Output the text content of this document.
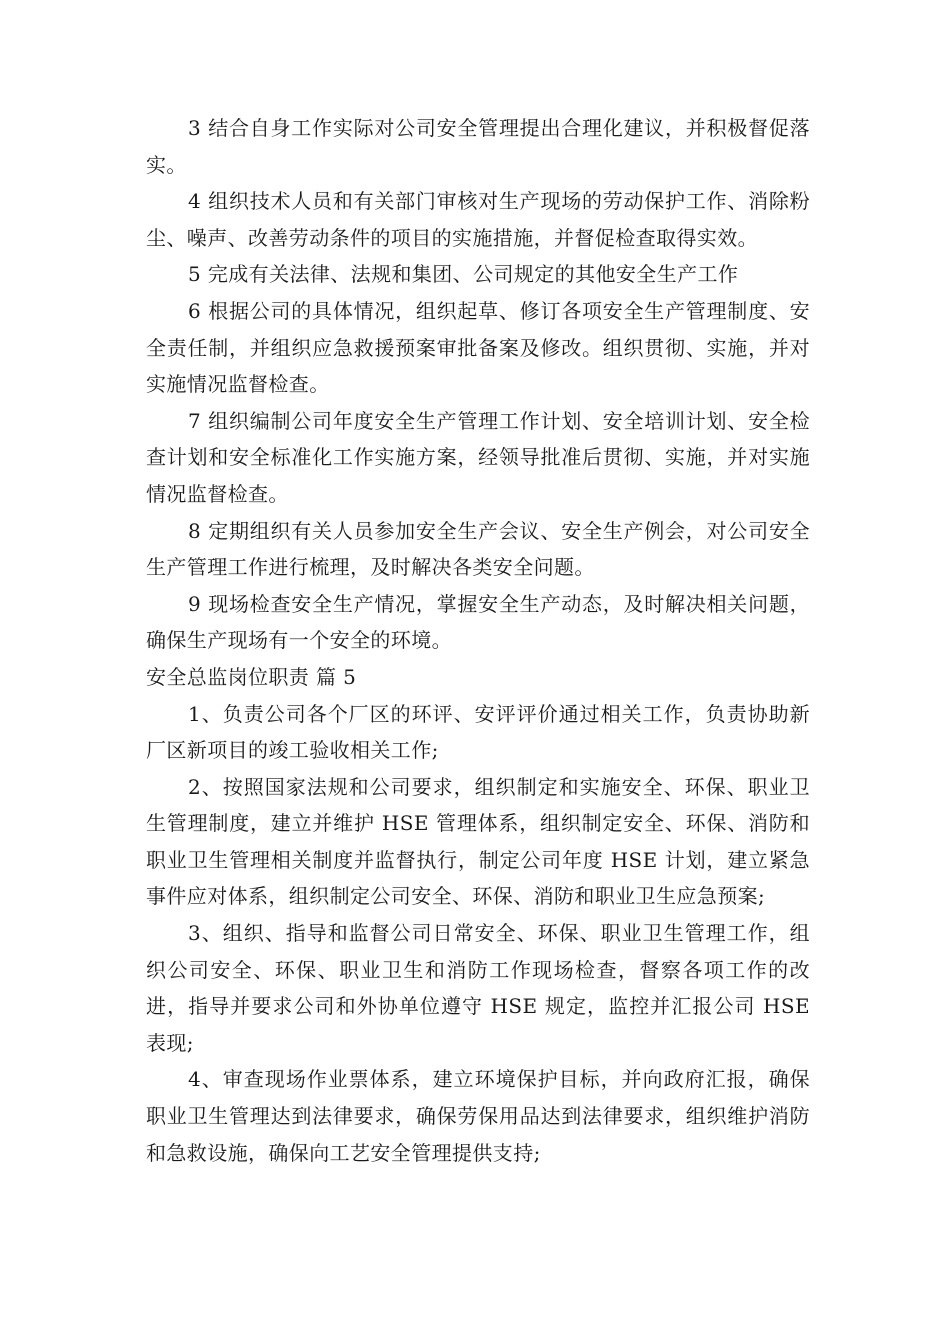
3 结合自身工作实际对公司安全管理提出合理化建议，并积极督促落实。

4 组织技术人员和有关部门审核对生产现场的劳动保护工作、消除粉尘、噪声、改善劳动条件的项目的实施措施，并督促检查取得实效。

5 完成有关法律、法规和集团、公司规定的其他安全生产工作

6 根据公司的具体情况，组织起草、修订各项安全生产管理制度、安全责任制，并组织应急救援预案审批备案及修改。组织贯彻、实施，并对实施情况监督检查。

7 组织编制公司年度安全生产管理工作计划、安全培训计划、安全检查计划和安全标准化工作实施方案，经领导批准后贯彻、实施，并对实施情况监督检查。

8 定期组织有关人员参加安全生产会议、安全生产例会，对公司安全生产管理工作进行梳理，及时解决各类安全问题。

9 现场检查安全生产情况，掌握安全生产动态，及时解决相关问题，确保生产现场有一个安全的环境。

安全总监岗位职责 篇 5

1、负责公司各个厂区的环评、安评评价通过相关工作，负责协助新厂区新项目的竣工验收相关工作;

2、按照国家法规和公司要求，组织制定和实施安全、环保、职业卫生管理制度，建立并维护 HSE 管理体系，组织制定安全、环保、消防和职业卫生管理相关制度并监督执行，制定公司年度 HSE 计划，建立紧急事件应对体系，组织制定公司安全、环保、消防和职业卫生应急预案;

3、组织、指导和监督公司日常安全、环保、职业卫生管理工作，组织公司安全、环保、职业卫生和消防工作现场检查，督察各项工作的改进，指导并要求公司和外协单位遵守 HSE 规定，监控并汇报公司 HSE 表现;

4、审查现场作业票体系，建立环境保护目标，并向政府汇报，确保职业卫生管理达到法律要求，确保劳保用品达到法律要求，组织维护消防和急救设施，确保向工艺安全管理提供支持;
